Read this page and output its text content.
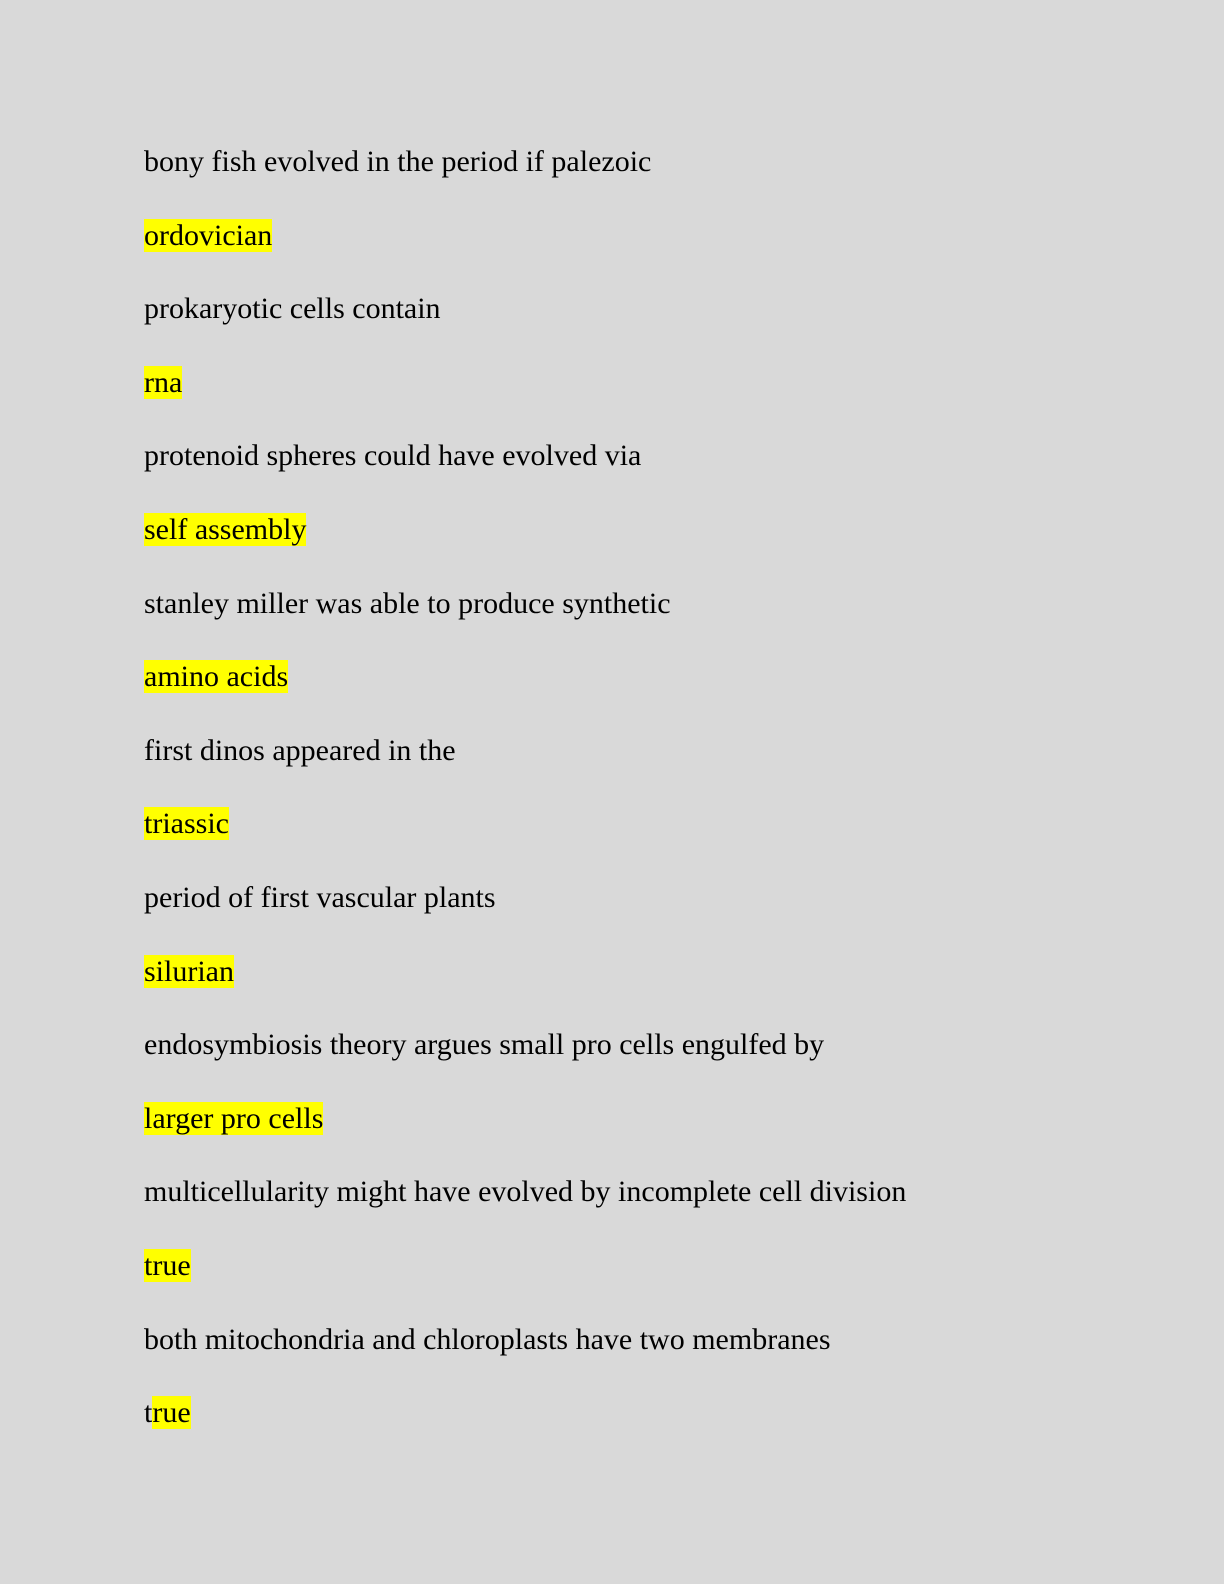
bony fish evolved in the period if palezoic

ordovician

prokaryotic cells contain

rna

protenoid spheres could have evolved via

self assembly

stanley miller was able to produce synthetic

amino acids

first dinos appeared in the

triassic

period of first vascular plants

silurian

endosymbiosis theory argues small pro cells engulfed by

larger pro cells

multicellularity might have evolved by incomplete cell division

true

both mitochondria and chloroplasts have two membranes

true
